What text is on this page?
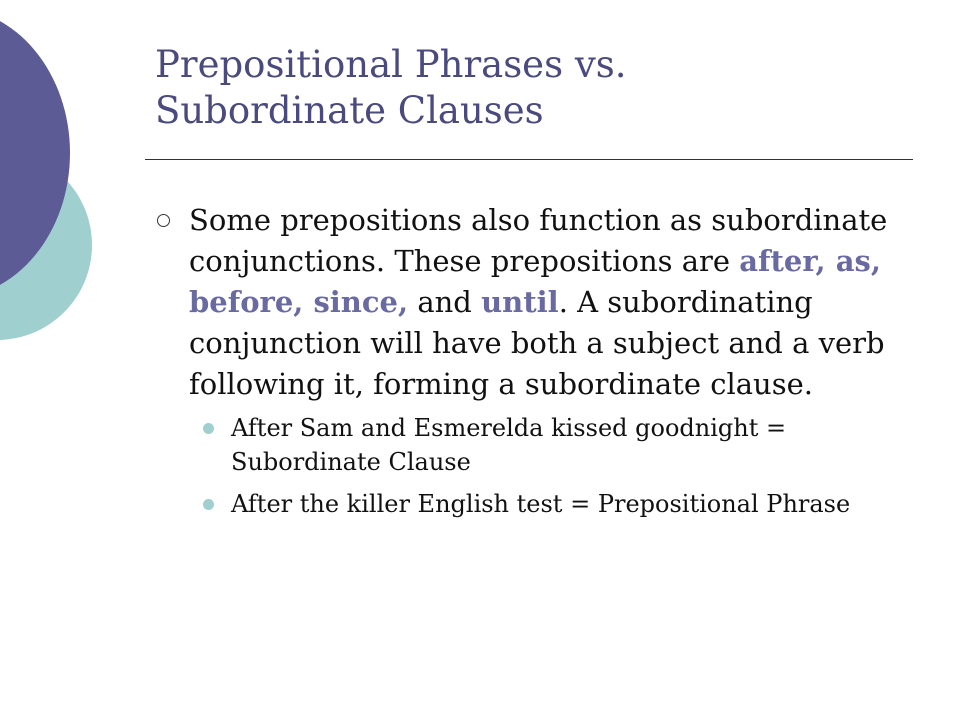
Prepositional Phrases vs.
Subordinate Clauses

Some prepositions also function as subordinate conjunctions. These prepositions are after, as, before, since, and until. A subordinating conjunction will have both a subject and a verb following it, forming a subordinate clause.

After Sam and Esmerelda kissed goodnight = Subordinate Clause
After the killer English test = Prepositional Phrase
